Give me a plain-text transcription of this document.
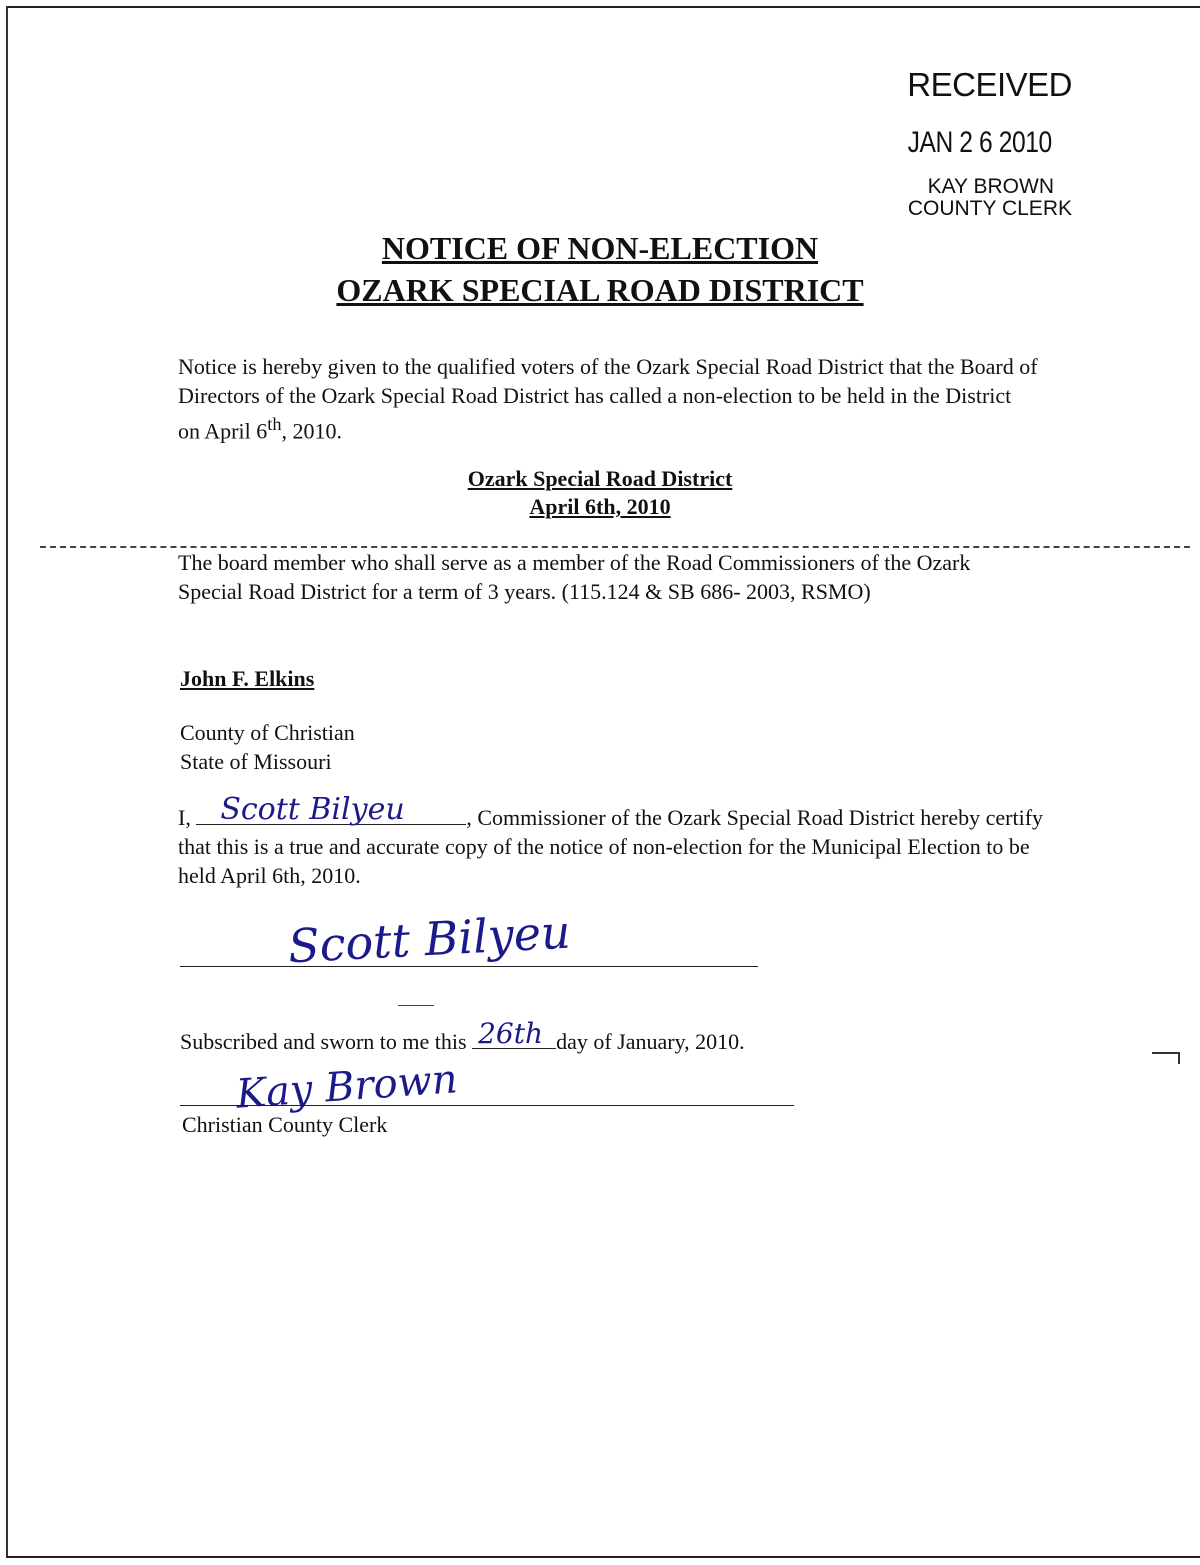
RECEIVED
JAN 2 6 2010
KAY BROWN
COUNTY CLERK
NOTICE OF NON-ELECTION
OZARK SPECIAL ROAD DISTRICT
Notice is hereby given to the qualified voters of the Ozark Special Road District that the Board of Directors of the Ozark Special Road District has called a non-election to be held in the District on April 6th, 2010.
Ozark Special Road District
April 6th, 2010
The board member who shall serve as a member of the Road Commissioners of the Ozark Special Road District for a term of 3 years. (115.124 & SB 686- 2003, RSMO)
John F. Elkins
County of Christian
State of Missouri
I, Scott Bilyeu	, Commissioner of the Ozark Special Road District hereby certify that this is a true and accurate copy of the notice of non-election for the Municipal Election to be held April 6th, 2010.
Scott Bilyeu
Subscribed and sworn to me this 26th day of January, 2010.
Kay Brown
Christian County Clerk
